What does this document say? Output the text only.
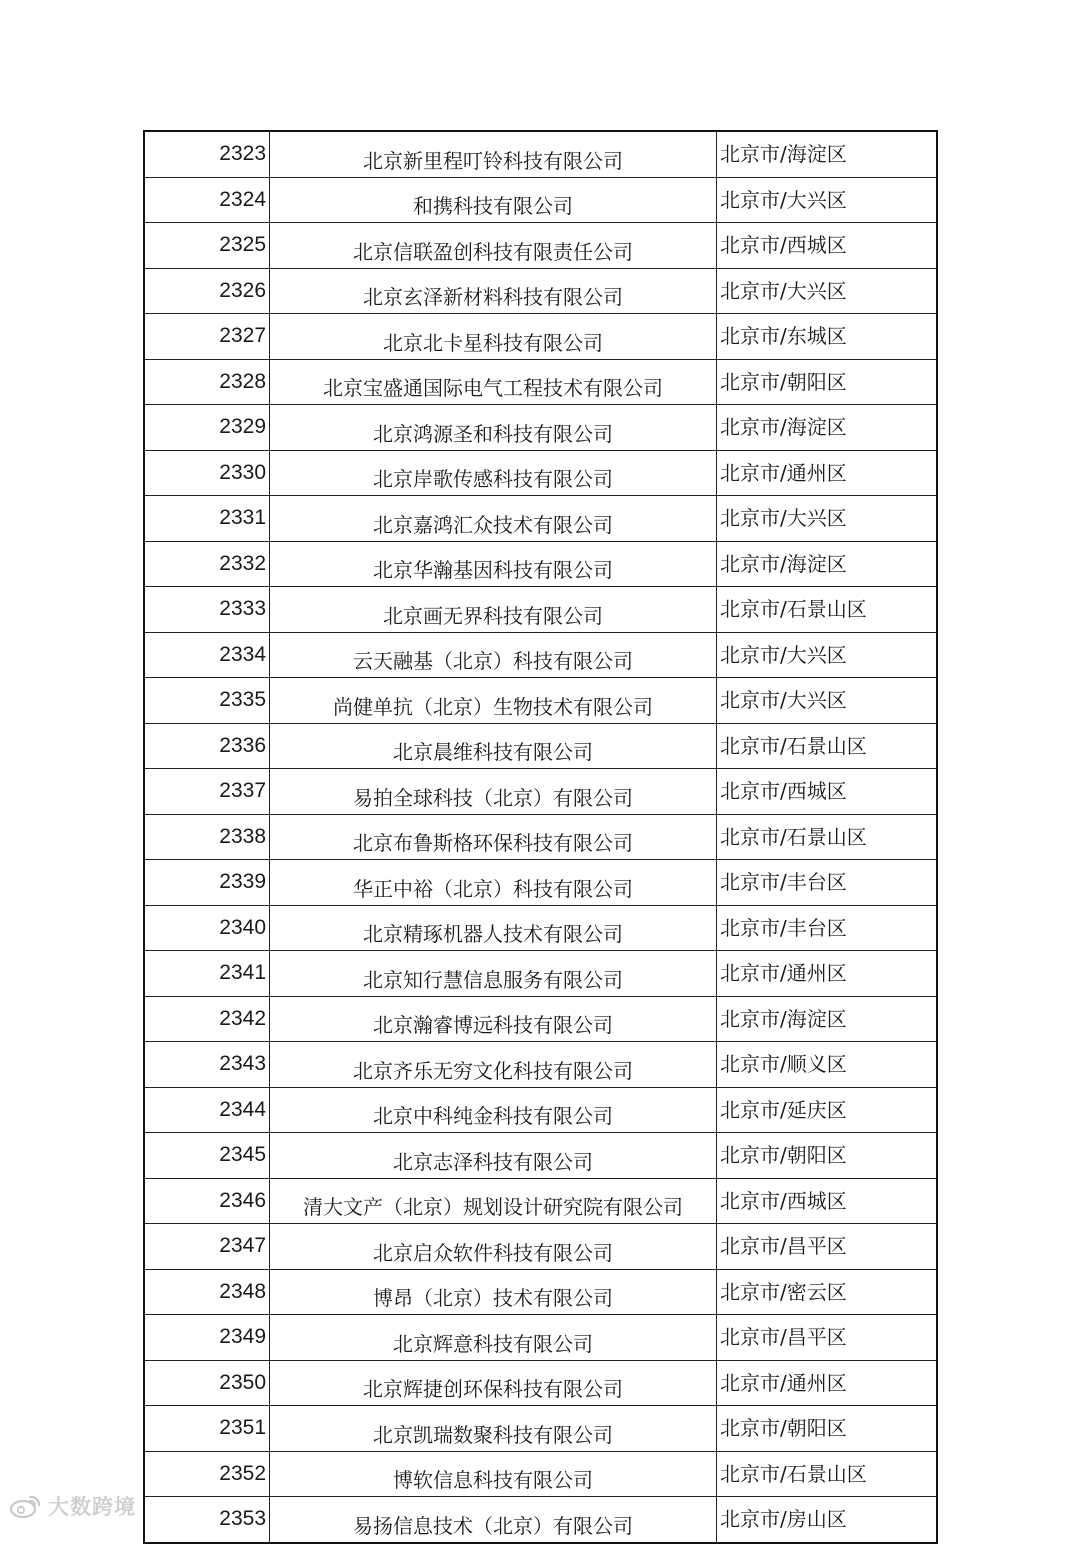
2323	北京新里程叮铃科技有限公司	北京市/海淀区
2324	和携科技有限公司	北京市/大兴区
2325	北京信联盈创科技有限责任公司	北京市/西城区
2326	北京玄泽新材料科技有限公司	北京市/大兴区
2327	北京北卡星科技有限公司	北京市/东城区
2328	北京宝盛通国际电气工程技术有限公司	北京市/朝阳区
2329	北京鸿源圣和科技有限公司	北京市/海淀区
2330	北京岸歌传感科技有限公司	北京市/通州区
2331	北京嘉鸿汇众技术有限公司	北京市/大兴区
2332	北京华瀚基因科技有限公司	北京市/海淀区
2333	北京画无界科技有限公司	北京市/石景山区
2334	云天融基（北京）科技有限公司	北京市/大兴区
2335	尚健单抗（北京）生物技术有限公司	北京市/大兴区
2336	北京晨维科技有限公司	北京市/石景山区
2337	易拍全球科技（北京）有限公司	北京市/西城区
2338	北京布鲁斯格环保科技有限公司	北京市/石景山区
2339	华正中裕（北京）科技有限公司	北京市/丰台区
2340	北京精琢机器人技术有限公司	北京市/丰台区
2341	北京知行慧信息服务有限公司	北京市/通州区
2342	北京瀚睿博远科技有限公司	北京市/海淀区
2343	北京齐乐无穷文化科技有限公司	北京市/顺义区
2344	北京中科纯金科技有限公司	北京市/延庆区
2345	北京志泽科技有限公司	北京市/朝阳区
2346	清大文产（北京）规划设计研究院有限公司	北京市/西城区
2347	北京启众软件科技有限公司	北京市/昌平区
2348	博昂（北京）技术有限公司	北京市/密云区
2349	北京辉意科技有限公司	北京市/昌平区
2350	北京辉捷创环保科技有限公司	北京市/通州区
2351	北京凯瑞数聚科技有限公司	北京市/朝阳区
2352	博软信息科技有限公司	北京市/石景山区
2353	易扬信息技术（北京）有限公司	北京市/房山区
大数跨境
